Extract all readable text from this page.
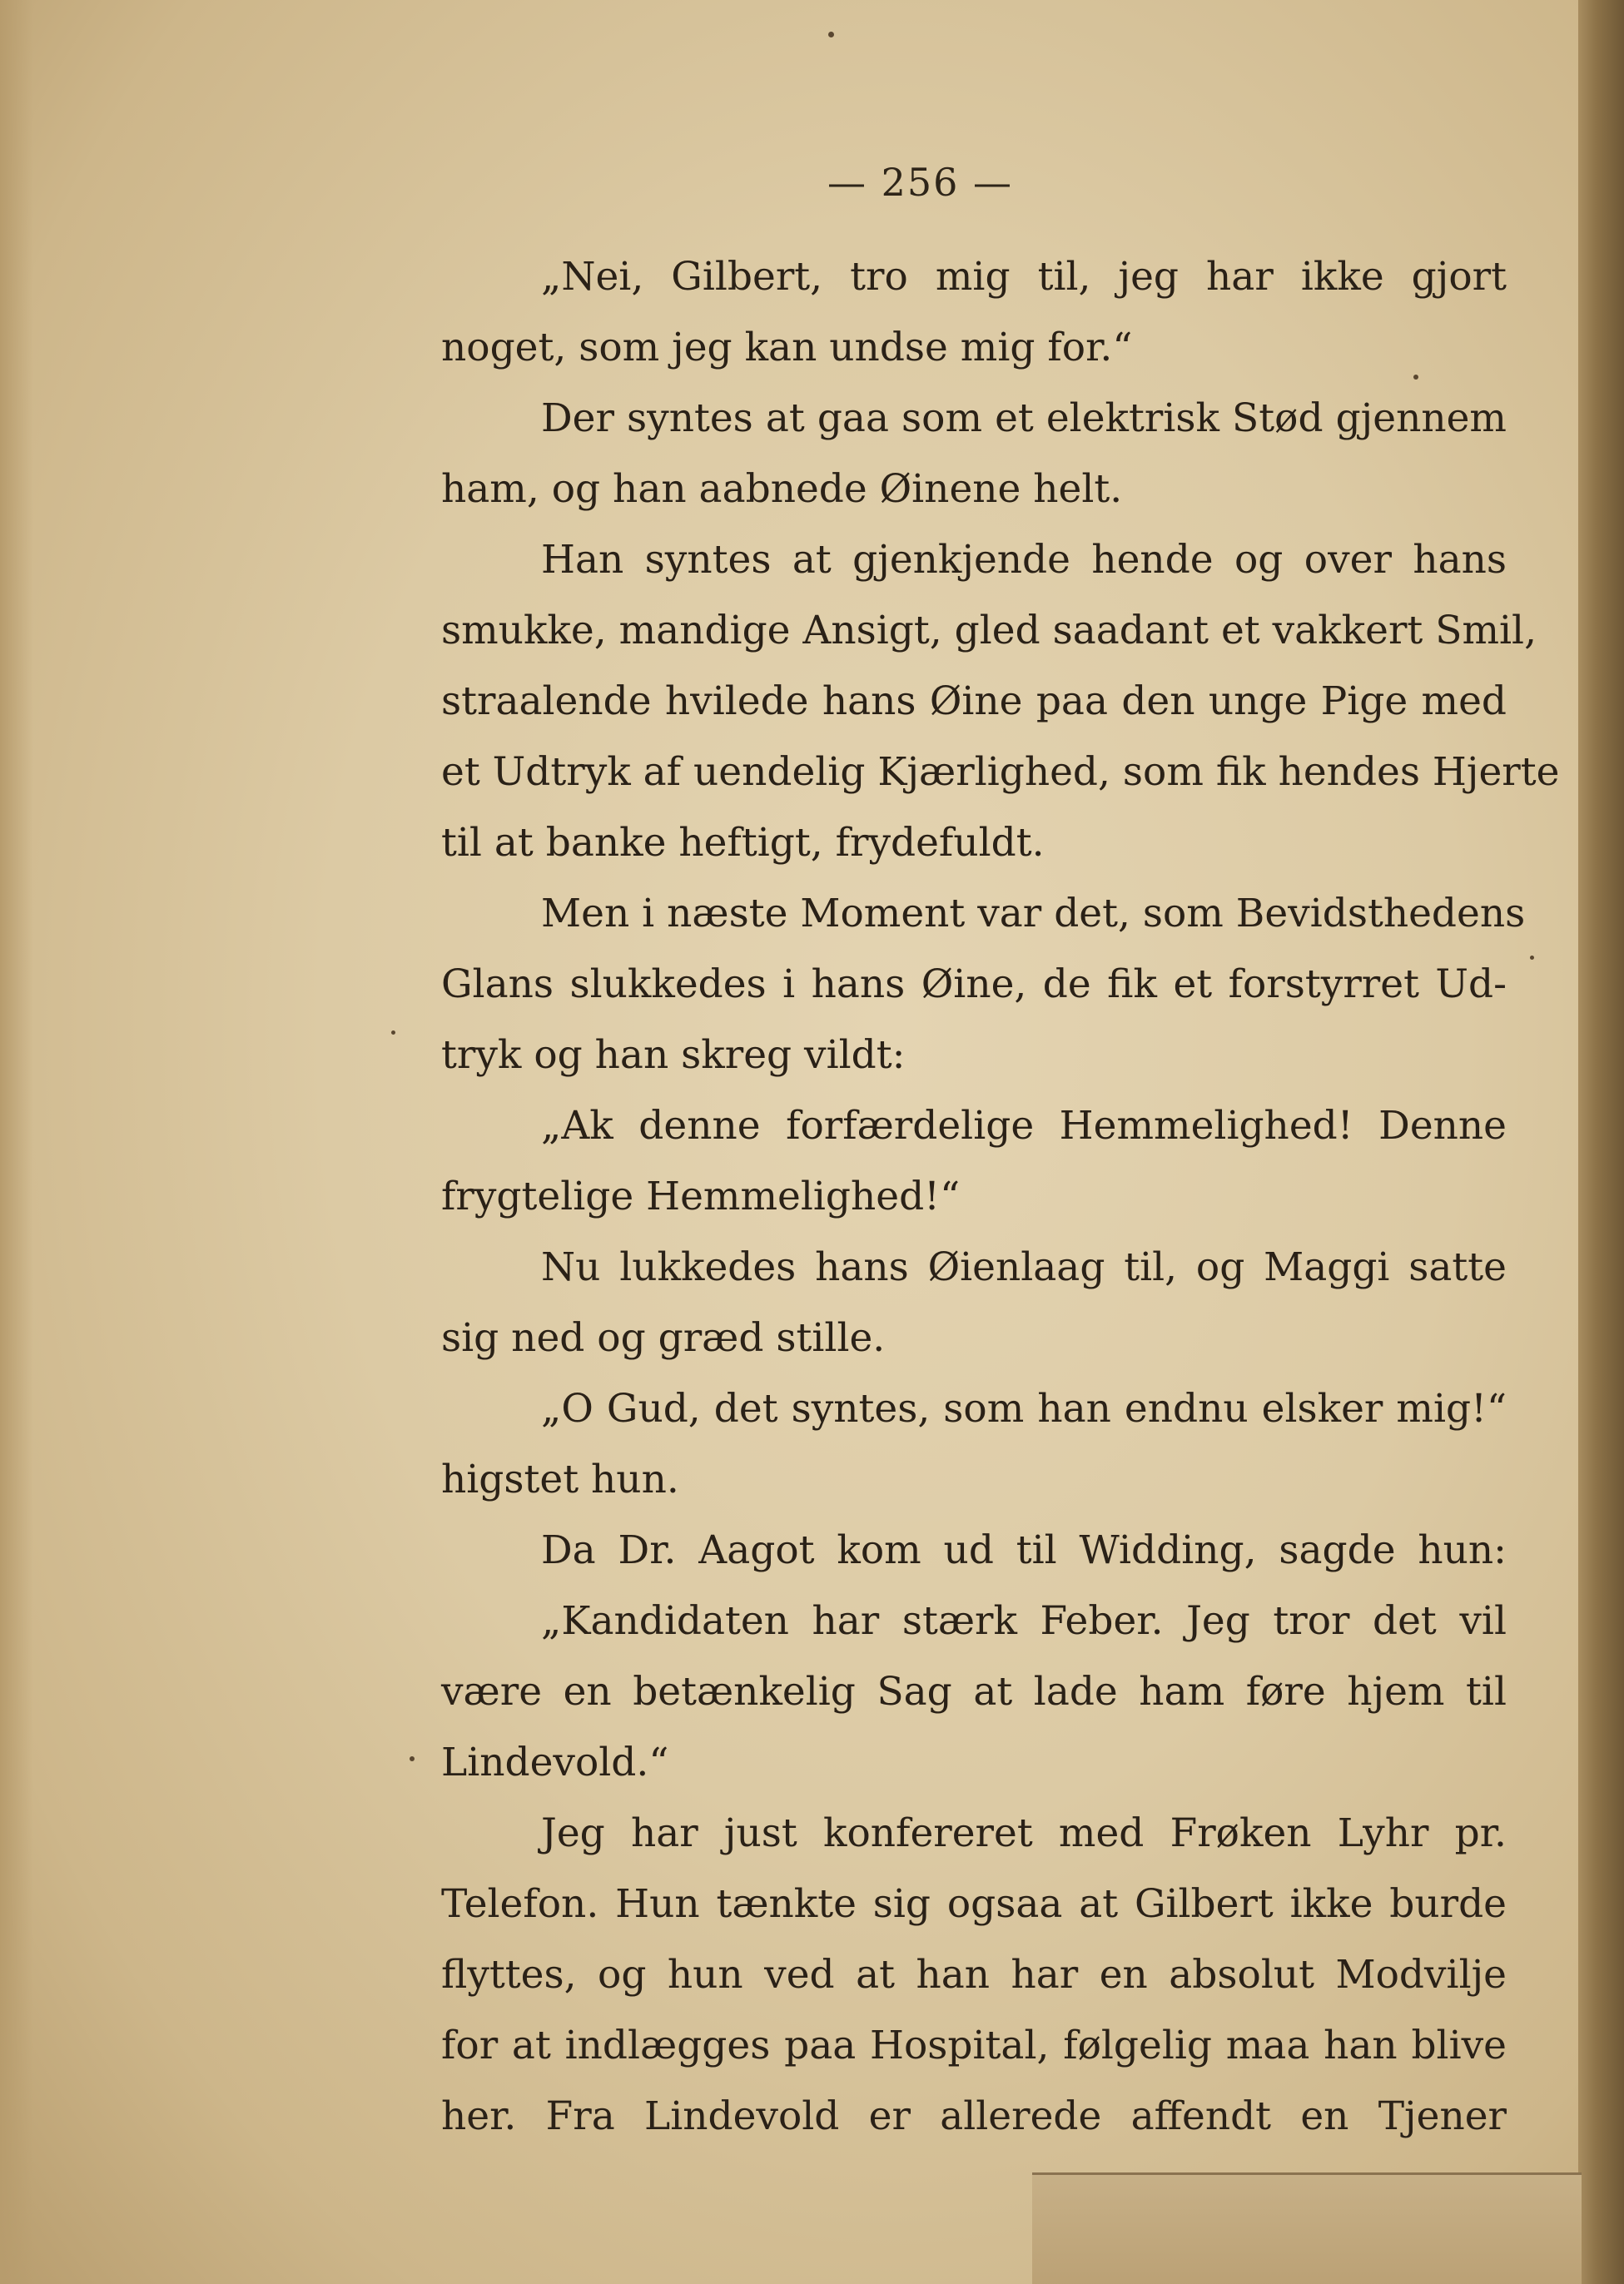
— 256 —
„Nei, Gilbert, tro mig til, jeg har ikke gjort
noget, som jeg kan undse mig for.“
Der syntes at gaa som et elektrisk Stød gjennem
ham, og han aabnede Øinene helt.
Han syntes at gjenkjende hende og over hans
smukke, mandige Ansigt, gled saadant et vakkert Smil,
straalende hvilede hans Øine paa den unge Pige med
et Udtryk af uendelig Kjærlighed, som fik hendes Hjerte
til at banke heftigt, frydefuldt.
Men i næste Moment var det, som Bevidsthedens
Glans slukkedes i hans Øine, de fik et forstyrret Ud-
tryk og han skreg vildt:
„Ak denne forfærdelige Hemmelighed! Denne
frygtelige Hemmelighed!“
Nu lukkedes hans Øienlaag til, og Maggi satte
sig ned og græd stille.
„O Gud, det syntes, som han endnu elsker mig!“
higstet hun.
Da Dr. Aagot kom ud til Widding, sagde hun:
„Kandidaten har stærk Feber. Jeg tror det vil
være en betænkelig Sag at lade ham føre hjem til
Lindevold.“
Jeg har just konfereret med Frøken Lyhr pr.
Telefon. Hun tænkte sig ogsaa at Gilbert ikke burde
flyttes, og hun ved at han har en absolut Modvilje
for at indlægges paa Hospital, følgelig maa han blive
her. Fra Lindevold er allerede affendt en Tjener
